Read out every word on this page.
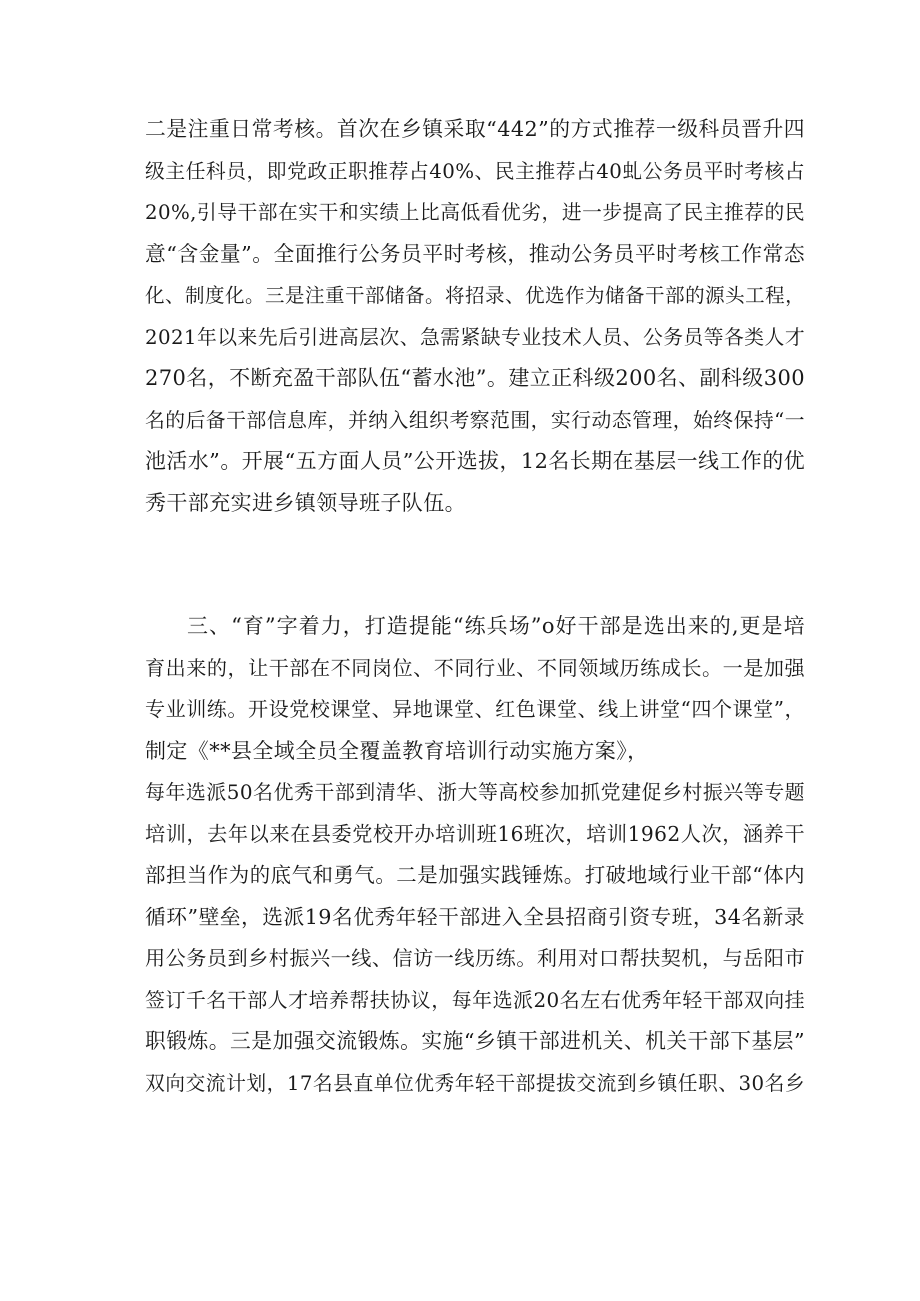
二是注重日常考核。首次在乡镇采取“442”的方式推荐一级科员晋升四
级主任科员，即党政正职推荐占40%、民主推荐占40虬公务员平时考核占
20%,引导干部在实干和实绩上比高低看优劣，进一步提高了民主推荐的民
意“含金量”。全面推行公务员平时考核，推动公务员平时考核工作常态
化、制度化。三是注重干部储备。将招录、优选作为储备干部的源头工程，
2021年以来先后引进高层次、急需紧缺专业技术人员、公务员等各类人才
270名，不断充盈干部队伍“蓄水池”。建立正科级200名、副科级300
名的后备干部信息库，并纳入组织考察范围，实行动态管理，始终保持“一
池活水”。开展“五方面人员”公开选拔，12名长期在基层一线工作的优
秀干部充实进乡镇领导班子队伍。
三、“育”字着力，打造提能“练兵场”o好干部是选出来的,更是培
育出来的，让干部在不同岗位、不同行业、不同领域历练成长。一是加强
专业训练。开设党校课堂、异地课堂、红色课堂、线上讲堂“四个课堂”，
制定《**县全域全员全覆盖教育培训行动实施方案》，
每年选派50名优秀干部到清华、浙大等高校参加抓党建促乡村振兴等专题
培训，去年以来在县委党校开办培训班16班次，培训1962人次，涵养干
部担当作为的底气和勇气。二是加强实践锤炼。打破地域行业干部“体内
循环”壁垒，选派19名优秀年轻干部进入全县招商引资专班，34名新录
用公务员到乡村振兴一线、信访一线历练。利用对口帮扶契机，与岳阳市
签订千名干部人才培养帮扶协议，每年选派20名左右优秀年轻干部双向挂
职锻炼。三是加强交流锻炼。实施“乡镇干部进机关、机关干部下基层”
双向交流计划，17名县直单位优秀年轻干部提拔交流到乡镇任职、30名乡
